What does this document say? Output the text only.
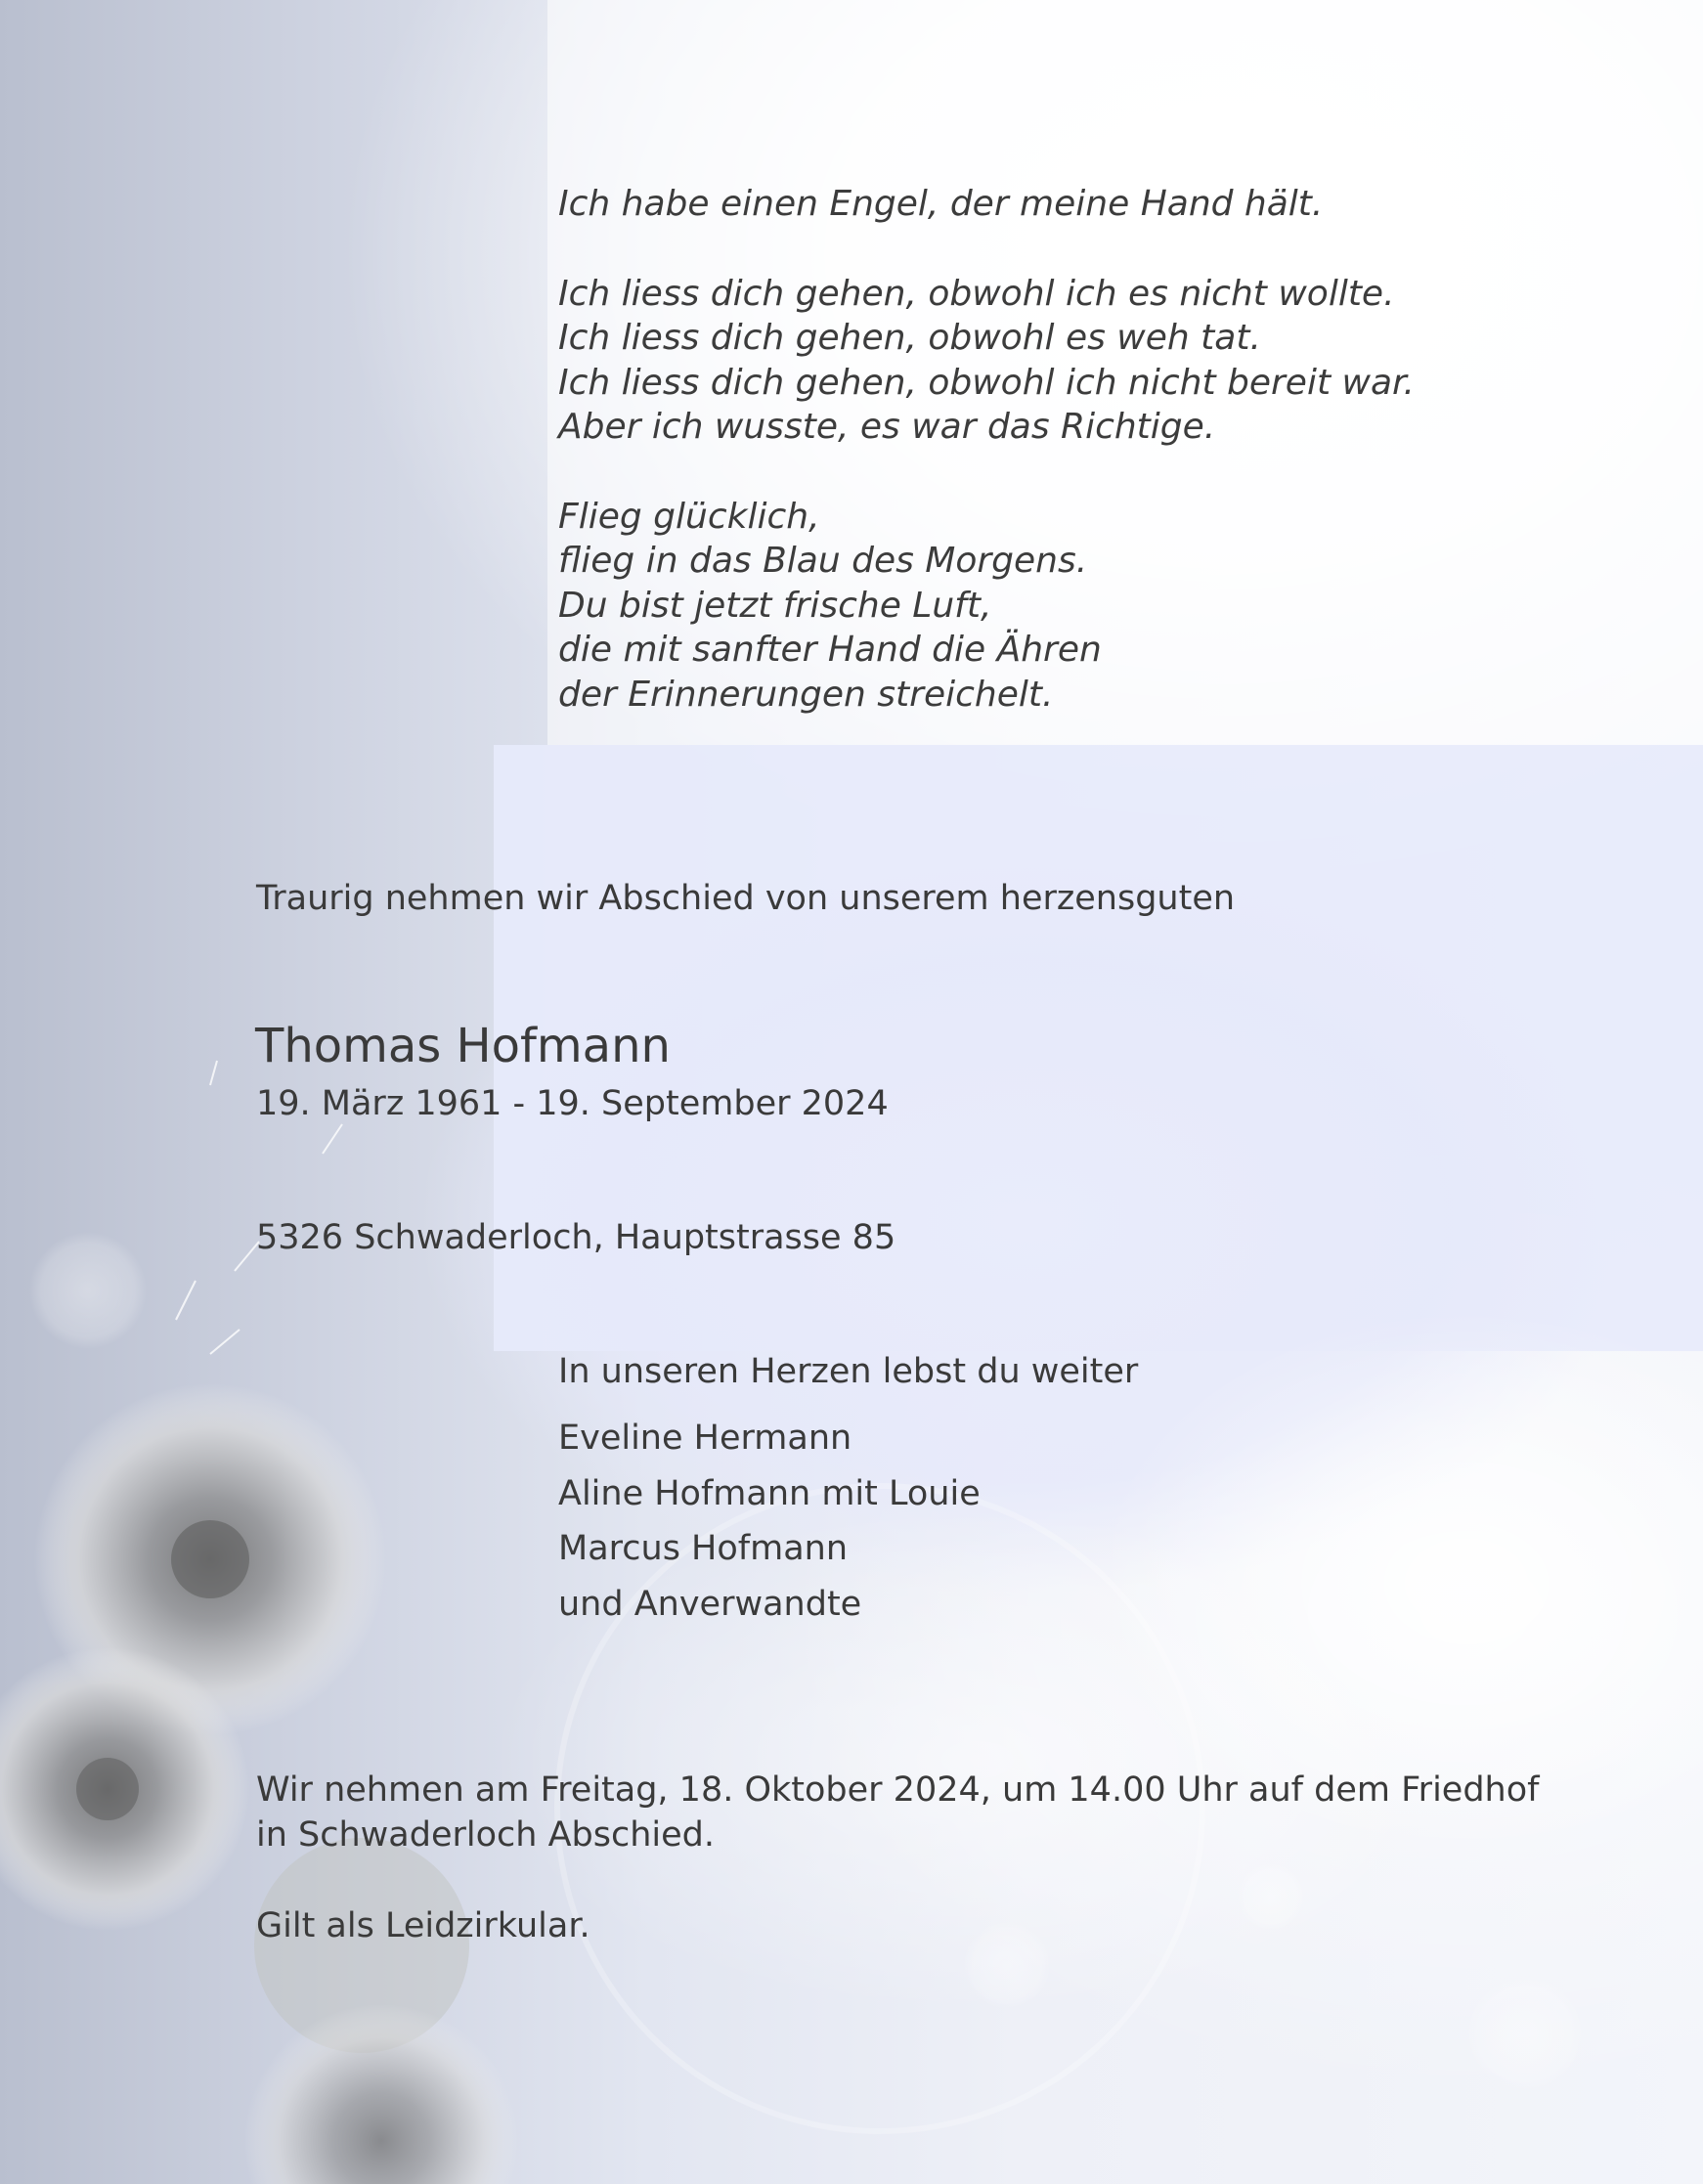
Ich habe einen Engel, der meine Hand hält.
Ich liess dich gehen, obwohl ich es nicht wollte.
Ich liess dich gehen, obwohl es weh tat.
Ich liess dich gehen, obwohl ich nicht bereit war.
Aber ich wusste, es war das Richtige.
Flieg glücklich,
flieg in das Blau des Morgens.
Du bist jetzt frische Luft,
die mit sanfter Hand die Ähren
der Erinnerungen streichelt.

Traurig nehmen wir Abschied von unserem herzensguten

Thomas Hofmann

19. März 1961 - 19. September 2024

5326 Schwaderloch, Hauptstrasse 85

In unseren Herzen lebst du weiter

Eveline Hermann
Aline Hofmann mit Louie
Marcus Hofmann
und Anverwandte
Wir nehmen am Freitag, 18. Oktober 2024, um 14.00 Uhr auf dem Friedhof
in Schwaderloch Abschied.

Gilt als Leidzirkular.
